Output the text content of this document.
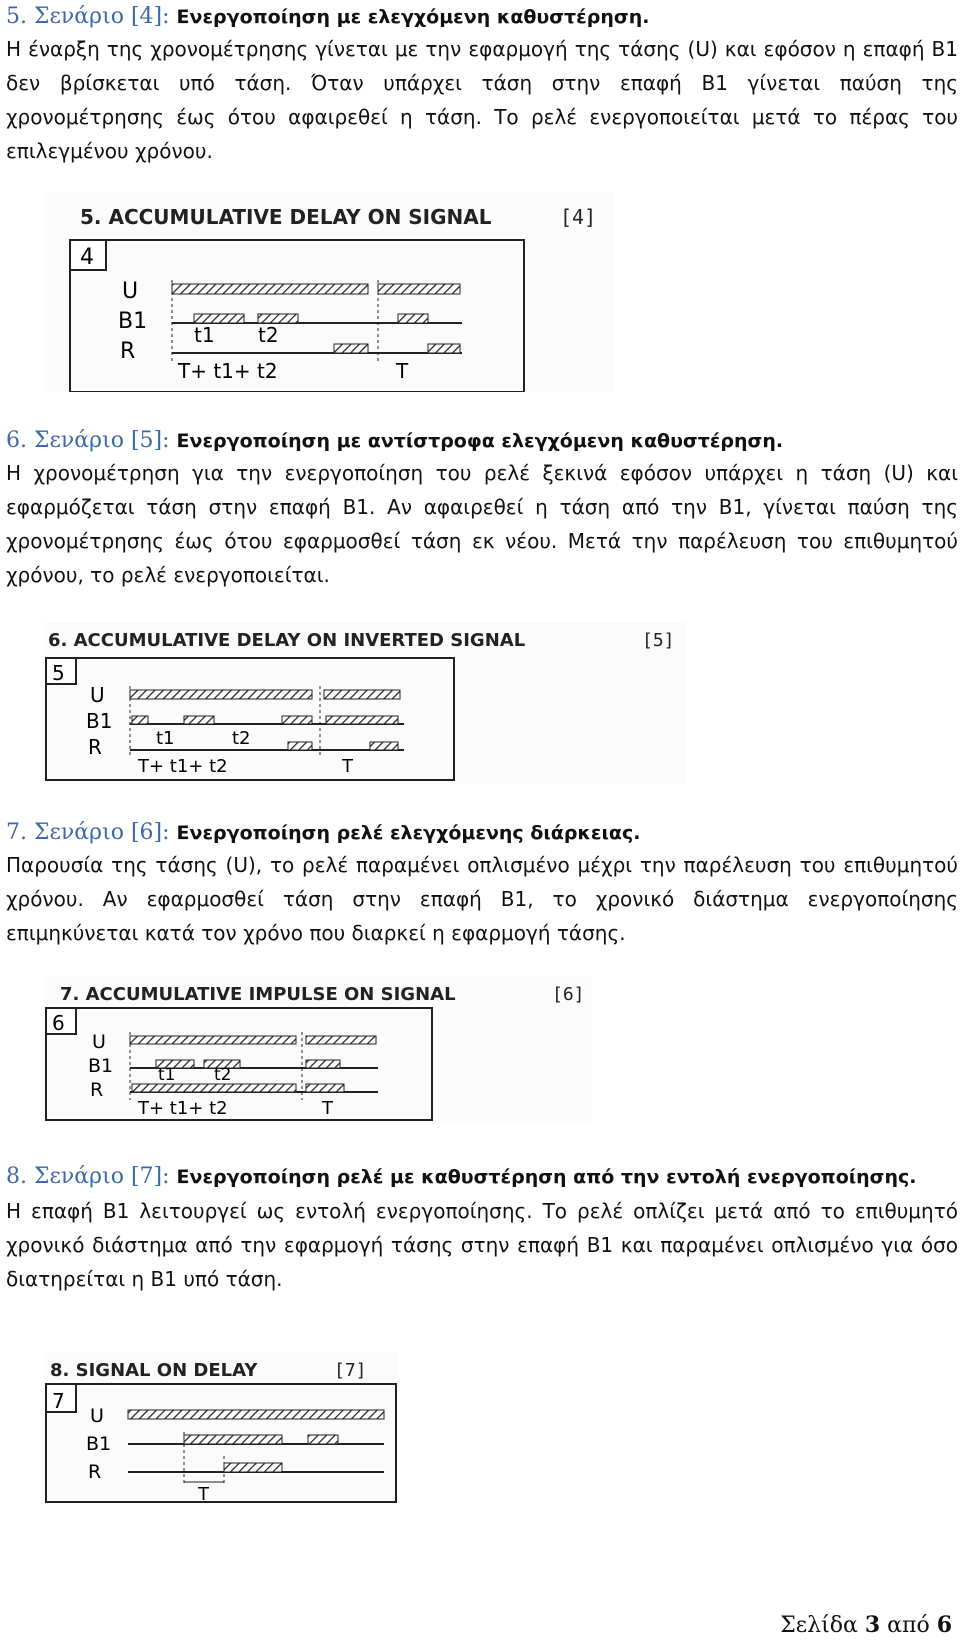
5. Σενάριο [4]: Ενεργοποίηση με ελεγχόμενη καθυστέρηση.

Η έναρξη της χρονομέτρησης γίνεται με την εφαρμογή της τάσης (U) και εφόσον η επαφή B1 δεν βρίσκεται υπό τάση. Όταν υπάρχει τάση στην επαφή B1 γίνεται παύση της χρονομέτρησης έως ότου αφαιρεθεί η τάση. Το ρελέ ενεργοποιείται μετά το πέρας του επιλεγμένου χρόνου.

5. ACCUMULATIVE DELAY ON SIGNAL	[4]
4
U
B1
R
t1 t2
T+ t1+ t2	T

6. Σενάριο [5]: Ενεργοποίηση με αντίστροφα ελεγχόμενη καθυστέρηση.

Η χρονομέτρηση για την ενεργοποίηση του ρελέ ξεκινά εφόσον υπάρχει η τάση (U) και εφαρμόζεται τάση στην επαφή B1. Αν αφαιρεθεί η τάση από την B1, γίνεται παύση της χρονομέτρησης έως ότου εφαρμοσθεί τάση εκ νέου. Μετά την παρέλευση του επιθυμητού χρόνου, το ρελέ ενεργοποιείται.

6. ACCUMULATIVE DELAY ON INVERTED SIGNAL	[5]
5
U
B1
R	t1	t2
T+ t1+ t2	T

7. Σενάριο [6]: Ενεργοποίηση ρελέ ελεγχόμενης διάρκειας.

Παρουσία της τάσης (U), το ρελέ παραμένει οπλισμένο μέχρι την παρέλευση του επιθυμητού χρόνου. Αν εφαρμοσθεί τάση στην επαφή B1, το χρονικό διάστημα ενεργοποίησης επιμηκύνεται κατά τον χρόνο που διαρκεί η εφαρμογή τάσης.

7. ACCUMULATIVE IMPULSE ON SIGNAL	[6]
6
U
B1
R
t1 t2
T+ t1+ t2	T

8. Σενάριο [7]: Ενεργοποίηση ρελέ με καθυστέρηση από την εντολή ενεργοποίησης.

Η επαφή B1 λειτουργεί ως εντολή ενεργοποίησης. Το ρελέ οπλίζει μετά από το επιθυμητό χρονικό διάστημα από την εφαρμογή τάσης στην επαφή B1 και παραμένει οπλισμένο για όσο διατηρείται η B1 υπό τάση.

8. SIGNAL ON DELAY	[7]
7
U
B1
R
T
Σελίδα 3 από 6
